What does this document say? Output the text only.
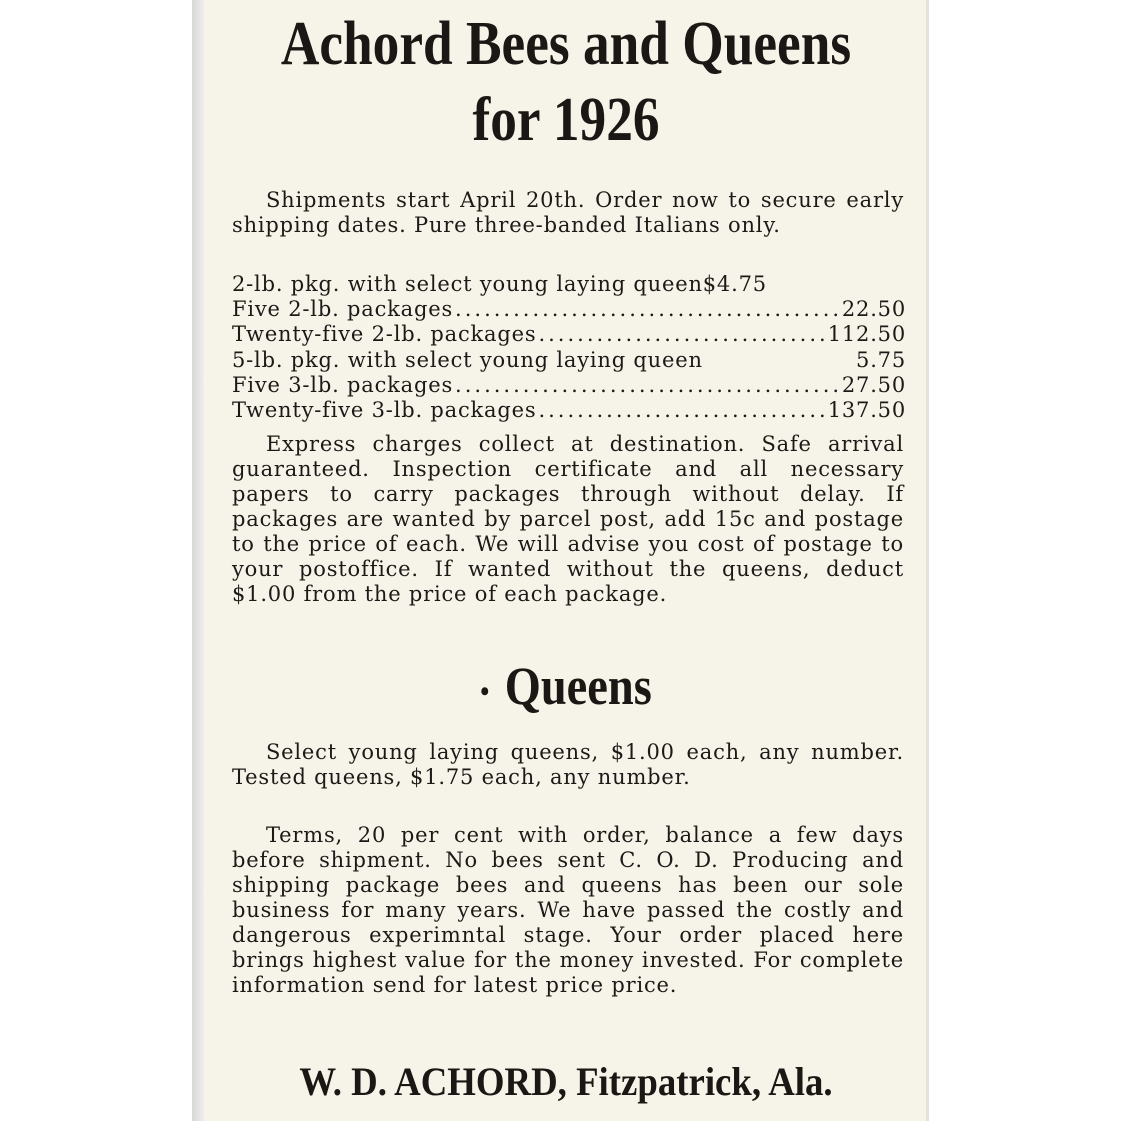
Achord Bees and Queens
for 1926

Shipments start April 20th. Order now to secure early shipping dates. Pure three-banded Italians only.

2-lb. pkg. with select young laying queen $4.75
Five 2-lb. packages .....	22.50
Twenty-five 2-lb. packages .....	112.50
5-lb. pkg. with select young laying queen	5.75
Five 3-lb. packages .....	27.50
Twenty-five 3-lb. packages .....	137.50

Express charges collect at destination. Safe arrival guaranteed. Inspection certificate and all necessary papers to carry packages through without delay. If packages are wanted by parcel post, add 15c and postage to the price of each. We will advise you cost of postage to your postoffice. If wanted without the queens, deduct $1.00 from the price of each package.

• Queens

Select young laying queens, $1.00 each, any number. Tested queens, $1.75 each, any number.

Terms, 20 per cent with order, balance a few days before shipment. No bees sent C. O. D. Producing and shipping package bees and queens has been our sole business for many years. We have passed the costly and dangerous experimntal stage. Your order placed here brings highest value for the money invested. For complete information send for latest price price.

W. D. ACHORD, Fitzpatrick, Ala.
